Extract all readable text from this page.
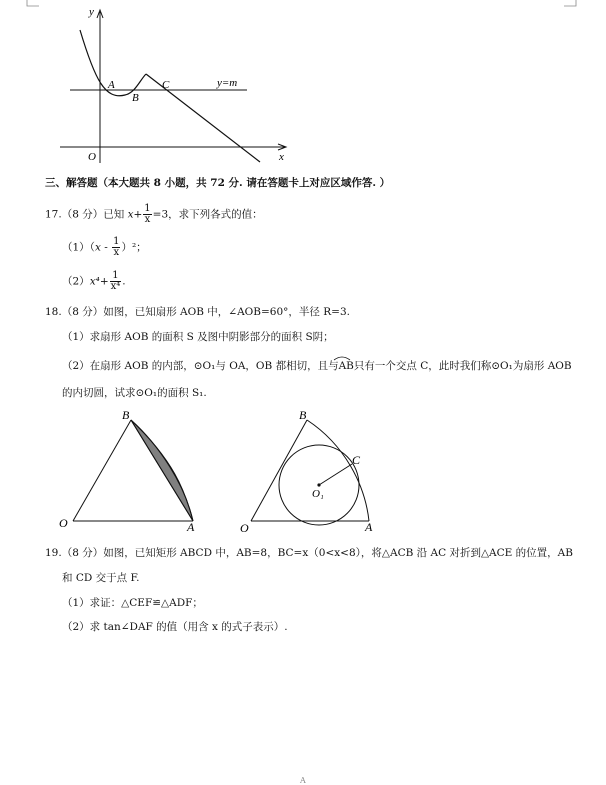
y
x
O
A
B
C	y=m
三、解答题（本大题共 8 小题，共 72 分. 请在答题卡上对应区域作答. ）
17.（8 分）已知 $x+ \frac{1}{x} =3$，求下列各式的值：
$(1)(x - \frac{1}{x} )^2$；
$(2)x^4+ \frac{1}{\text{x⁴}}$ .
18.（8 分）如图，已知扇形 AOB 中，∠AOB=60°，半径 R=3.
（1）求扇形 AOB 的面积 S 及图中阴影部分的面积 S阴；
（2）在扇形 AOB 的内部，⊙O₁与 OA，OB 都相切，且与AB只有一个交点 C，此时我们称⊙O₁为扇形 AOB
的内切圆，试求⊙O₁的面积 S₁.
B
O	A
B
C
O₁
O	A
19.（8 分）如图，已知矩形 ABCD 中，AB=8，BC=x（0<x<8），将△ACB 沿 AC 对折到△ACE 的位置，AB
和 CD 交于点 F.
（1）求证：△CEF≌△ADF；
（2）求 tan∠DAF 的值（用含 x 的式子表示）.
A
